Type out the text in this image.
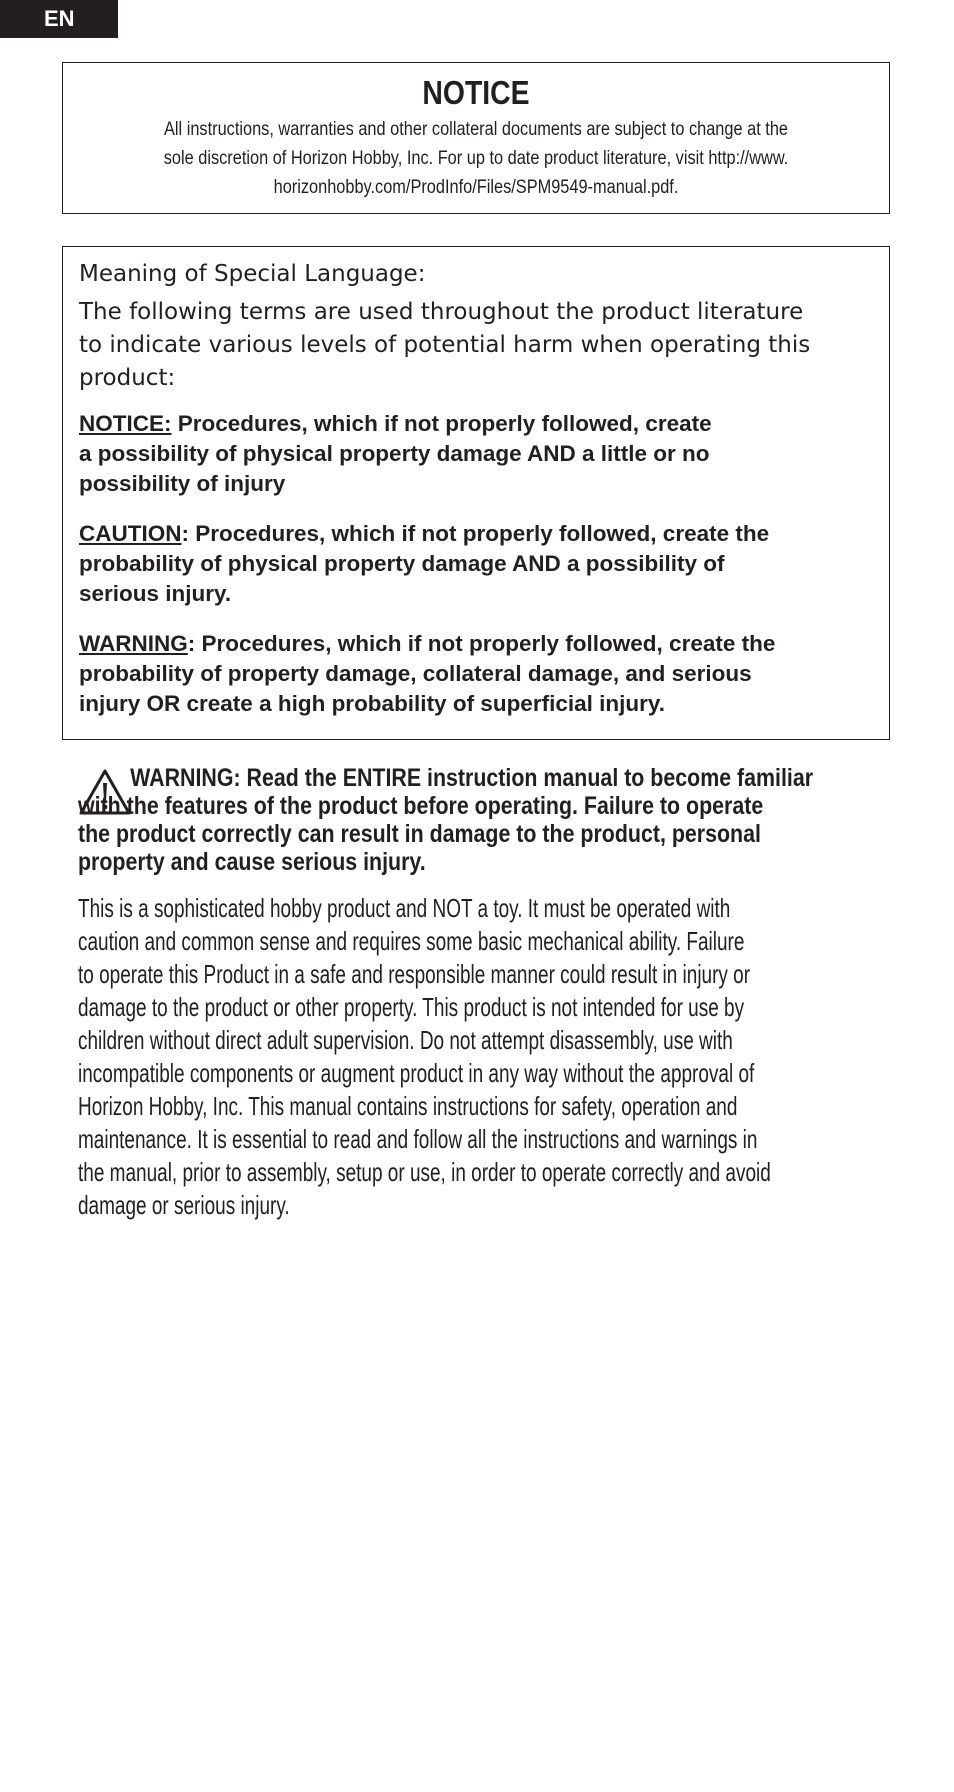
EN
NOTICE
All instructions, warranties and other collateral documents are subject to change at the
sole discretion of Horizon Hobby, Inc. For up to date product literature, visit http://www.
horizonhobby.com/ProdInfo/Files/SPM9549-manual.pdf.
Meaning of Special Language:
The following terms are used throughout the product literature
to indicate various levels of potential harm when operating this
product:
NOTICE: Procedures, which if not properly followed, create
a possibility of physical property damage AND a little or no
possibility of injury
CAUTION: Procedures, which if not properly followed, create the
probability of physical property damage AND a possibility of
serious injury.
WARNING: Procedures, which if not properly followed, create the
probability of property damage, collateral damage, and serious
injury OR create a high probability of superficial injury.
WARNING: Read the ENTIRE instruction manual to become familiar
with the features of the product before operating. Failure to operate
the product correctly can result in damage to the product, personal
property and cause serious injury.
This is a sophisticated hobby product and NOT a toy. It must be operated with
caution and common sense and requires some basic mechanical ability. Failure
to operate this Product in a safe and responsible manner could result in injury or
damage to the product or other property. This product is not intended for use by
children without direct adult supervision. Do not attempt disassembly, use with
incompatible components or augment product in any way without the approval of
Horizon Hobby, Inc. This manual contains instructions for safety, operation and
maintenance. It is essential to read and follow all the instructions and warnings in
the manual, prior to assembly, setup or use, in order to operate correctly and avoid
damage or serious injury.
